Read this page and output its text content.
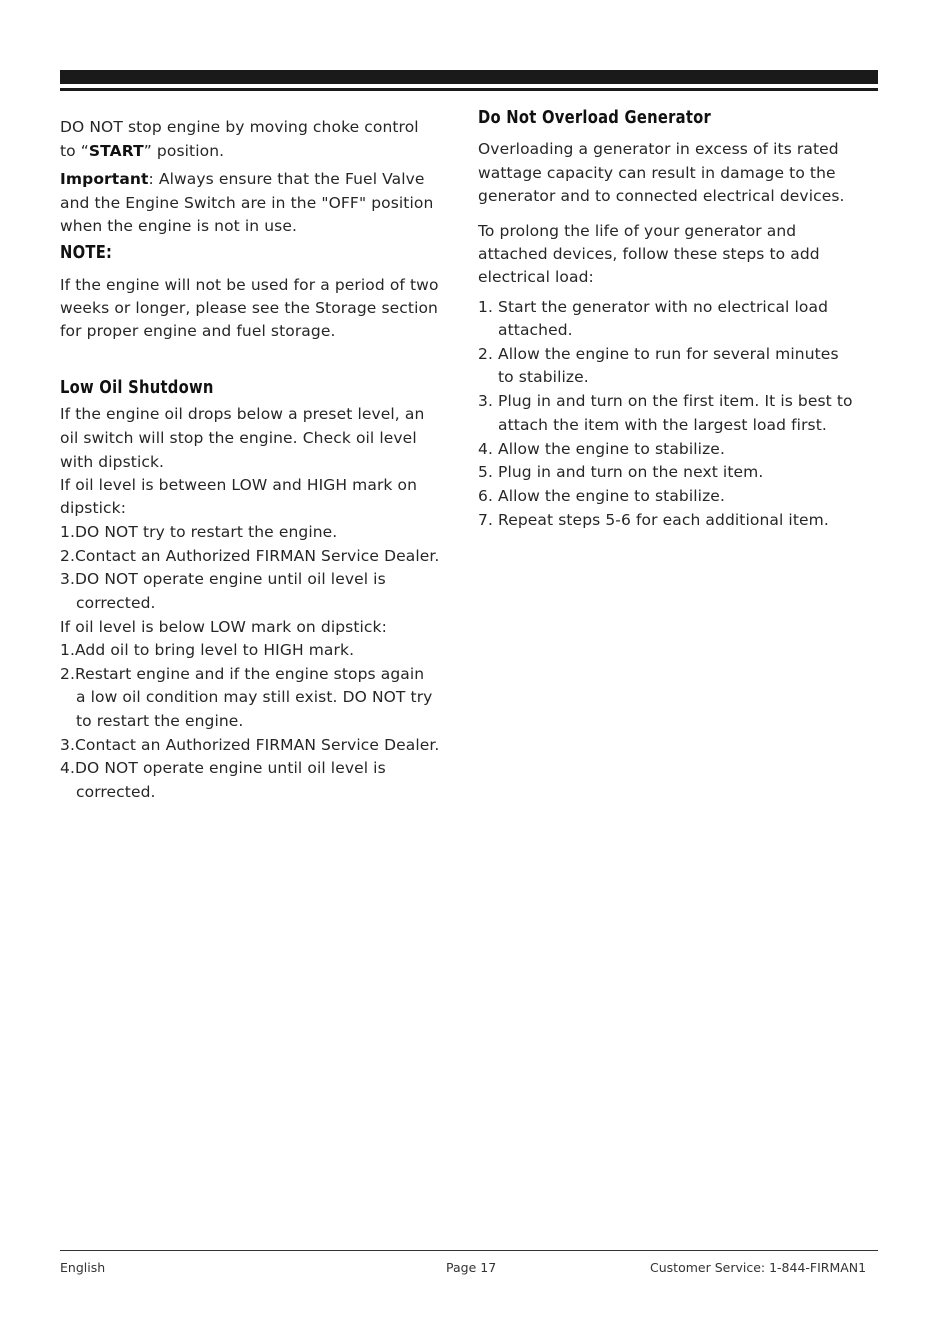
DO NOT stop engine by moving choke control
to “START” position.
Important: Always ensure that the Fuel Valve
and the Engine Switch are in the "OFF" position
when the engine is not in use.
NOTE:
If the engine will not be used for a period of two
weeks or longer, please see the Storage section
for proper engine and fuel storage.
Low Oil Shutdown
If the engine oil drops below a preset level, an
oil switch will stop the engine. Check oil level
with dipstick.
If oil level is between LOW and HIGH mark on
dipstick:
1.DO NOT try to restart the engine.
2.Contact an Authorized FIRMAN Service Dealer.
3.DO NOT operate engine until oil level is
corrected.
If oil level is below LOW mark on dipstick:
1.Add oil to bring level to HIGH mark.
2.Restart engine and if the engine stops again
a low oil condition may still exist. DO NOT try
to restart the engine.
3.Contact an Authorized FIRMAN Service Dealer.
4.DO NOT operate engine until oil level is
corrected.
Do Not Overload Generator
Overloading a generator in excess of its rated
wattage capacity can result in damage to the
generator and to connected electrical devices.
To prolong the life of your generator and
attached devices, follow these steps to add
electrical load:
1. Start the generator with no electrical load
attached.
2. Allow the engine to run for several minutes
to stabilize.
3. Plug in and turn on the first item. It is best to
attach the item with the largest load first.
4. Allow the engine to stabilize.
5. Plug in and turn on the next item.
6. Allow the engine to stabilize.
7. Repeat steps 5-6 for each additional item.
English	Page 17	Customer Service: 1-844-FIRMAN1
